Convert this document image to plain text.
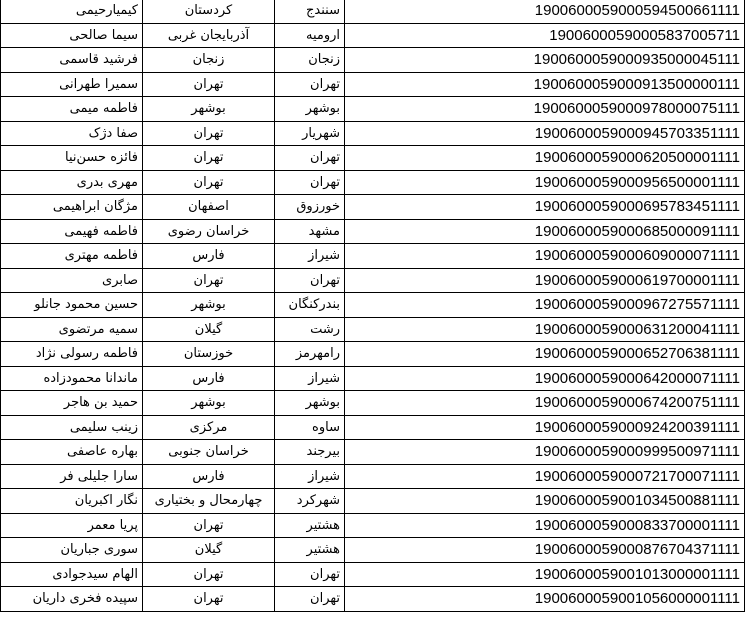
کیمیارحیمی	کردستان	سنندج	1900600059000594500661111
سیما صالحی	آذربایجان غربی	ارومیه	19006000590005837005711
فرشید قاسمی	زنجان	زنجان	1900600059000935000045111
سمیرا طهرانی	تهران	تهران	1900600059000913500000111
فاطمه میمی	بوشهر	بوشهر	1900600059000978000075111
صفا دژک	تهران	شهریار	1900600059000945703351111
فائزه حسن‌نیا	تهران	تهران	1900600059000620500001111
مهری بدری	تهران	تهران	1900600059000956500001111
مژگان ابراهیمی	اصفهان	خورزوق	1900600059000695783451111
فاطمه فهیمی	خراسان رضوی	مشهد	1900600059000685000091111
فاطمه مهتری	فارس	شیراز	1900600059000609000071111
صابری	تهران	تهران	1900600059000619700001111
حسین محمود جانلو	بوشهر	بندرکنگان	1900600059000967275571111
سمیه مرتضوی	گیلان	رشت	1900600059000631200041111
فاطمه رسولی نژاد	خوزستان	رامهرمز	1900600059000652706381111
ماندانا محمودزاده	فارس	شیراز	1900600059000642000071111
حمید بن هاجر	بوشهر	بوشهر	1900600059000674200751111
زینب سلیمی	مرکزی	ساوه	1900600059000924200391111
بهاره عاصفی	خراسان جنوبی	بیرجند	1900600059000999500971111
سارا جلیلی فر	فارس	شیراز	1900600059000721700071111
نگار اکبریان	چهارمحال و بختیاری	شهرکرد	1900600059001034500881111
پریا معمر	تهران	هشتیر	1900600059000833700001111
سوری جباریان	گیلان	هشتیر	1900600059000876704371111
الهام سیدجوادی	تهران	تهران	1900600059001013000001111
سپیده فخری داریان	تهران	تهران	1900600059001056000001111
